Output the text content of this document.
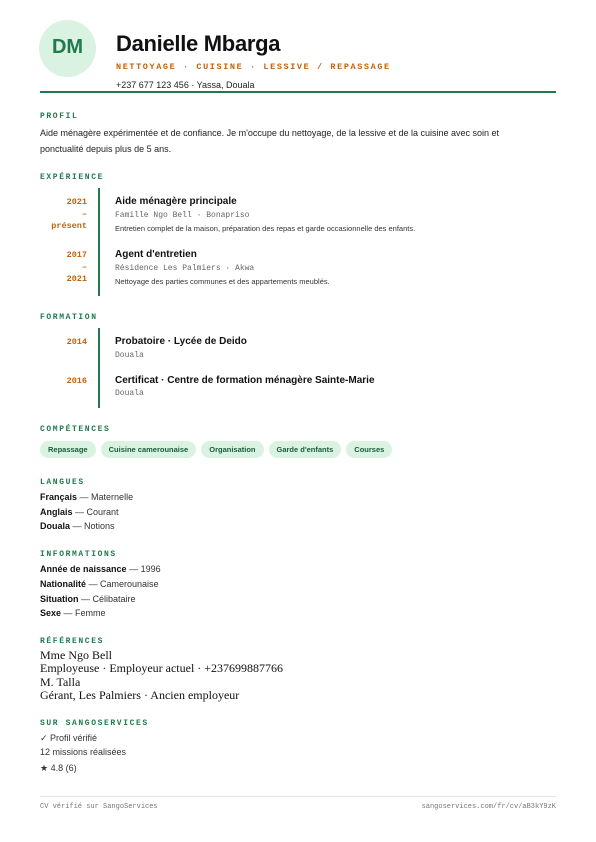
DM	Danielle Mbarga
NETTOYAGE · CUISINE · LESSIVE / REPASSAGE
+237 677 123 456 · Yassa, Douala
PROFIL
Aide ménagère expérimentée et de confiance. Je m'occupe du nettoyage, de la lessive et de la cuisine avec soin et ponctualité depuis plus de 5 ans.
EXPÉRIENCE
2021
–
présent
Aide ménagère principale
Famille Ngo Bell · Bonapriso
Entretien complet de la maison, préparation des repas et garde occasionnelle des enfants.
2017
–
2021
Agent d'entretien
Résidence Les Palmiers · Akwa
Nettoyage des parties communes et des appartements meublés.
FORMATION
2014	Probatoire · Lycée de Deido
Douala
2016	Certificat · Centre de formation ménagère Sainte-Marie
Douala
COMPÉTENCES
Repassage	Cuisine camerounaise	Organisation	Garde d'enfants	Courses
LANGUES
Français — Maternelle
Anglais — Courant
Douala — Notions
INFORMATIONS
Année de naissance — 1996
Nationalité — Camerounaise
Situation — Célibataire
Sexe — Femme
RÉFÉRENCES
Mme Ngo Bell
Employeuse · Employeur actuel · +237699887766
M. Talla
Gérant, Les Palmiers · Ancien employeur
SUR SANGOSERVICES
✓ Profil vérifié
12 missions réalisées
★ 4.8 (6)
CV vérifié sur SangoServices	sangoservices.com/fr/cv/aB3kY9zK
